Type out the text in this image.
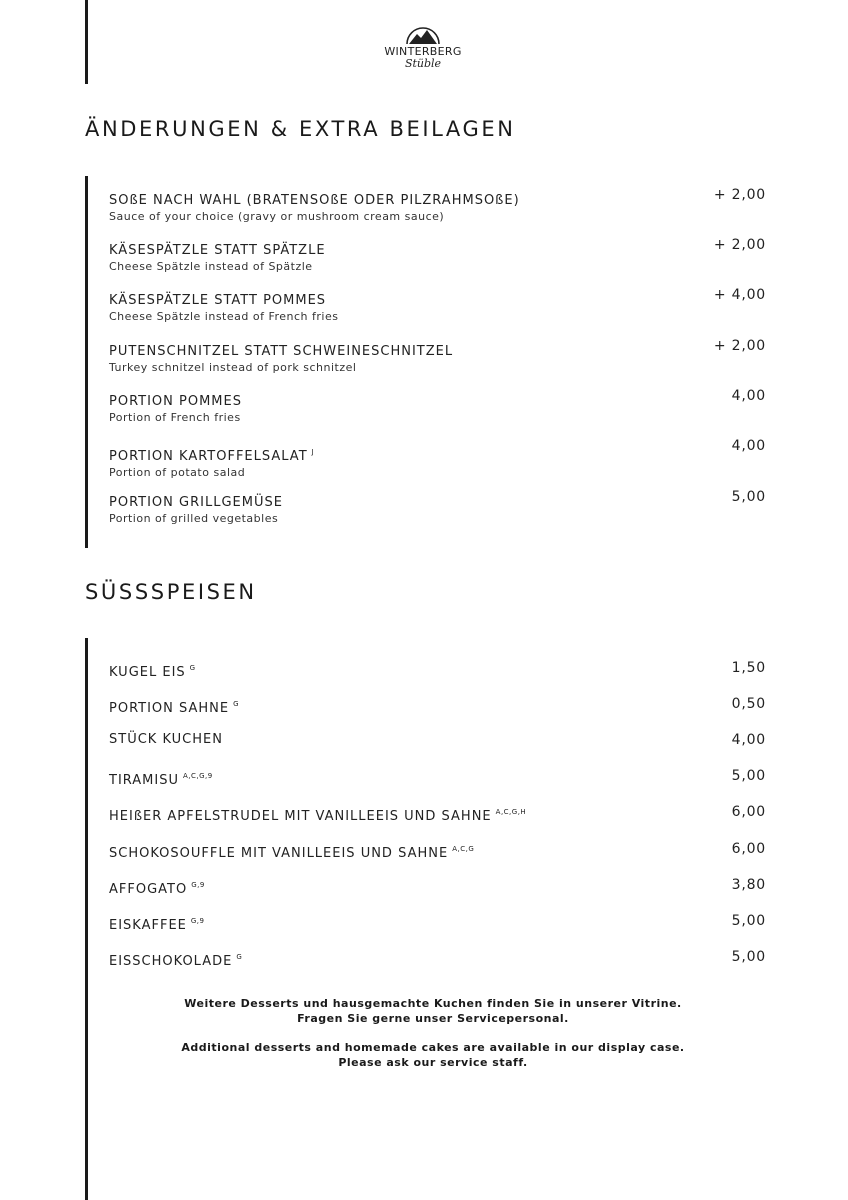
WINTERBERG
Stüble
ÄNDERUNGEN & EXTRA BEILAGEN
SOßE NACH WAHL (BRATENSOßE ODER PILZRAHMSOßE)
Sauce of your choice (gravy or mushroom cream sauce)
+ 2,00
KÄSESPÄTZLE STATT SPÄTZLE
Cheese Spätzle instead of Spätzle
+ 2,00
KÄSESPÄTZLE STATT POMMES
Cheese Spätzle instead of French fries
+ 4,00
PUTENSCHNITZEL STATT SCHWEINESCHNITZEL
Turkey schnitzel instead of pork schnitzel
+ 2,00
PORTION POMMES
Portion of French fries
4,00
PORTION KARTOFFELSALAT $^J$
Portion of potato salad
4,00
PORTION GRILLGEMÜSE
Portion of grilled vegetables
5,00
SÜSSSPEISEN
KUGEL EIS $^G$	1,50
PORTION SAHNE $^G$	0,50
STÜCK KUCHEN	4,00
TIRAMISU $^{A,C,G,9}$	5,00
HEIßER APFELSTRUDEL MIT VANILLEEIS UND SAHNE $^{A,C,G,H}$	6,00
SCHOKOSOUFFLE MIT VANILLEEIS UND SAHNE $^{A,C,G}$	6,00
AFFOGATO $^{G,9}$	3,80
EISKAFFEE $^{G,9}$	5,00
EISSCHOKOLADE $^G$	5,00
Weitere Desserts und hausgemachte Kuchen finden Sie in unserer Vitrine.
Fragen Sie gerne unser Servicepersonal.
Additional desserts and homemade cakes are available in our display case.
Please ask our service staff.
